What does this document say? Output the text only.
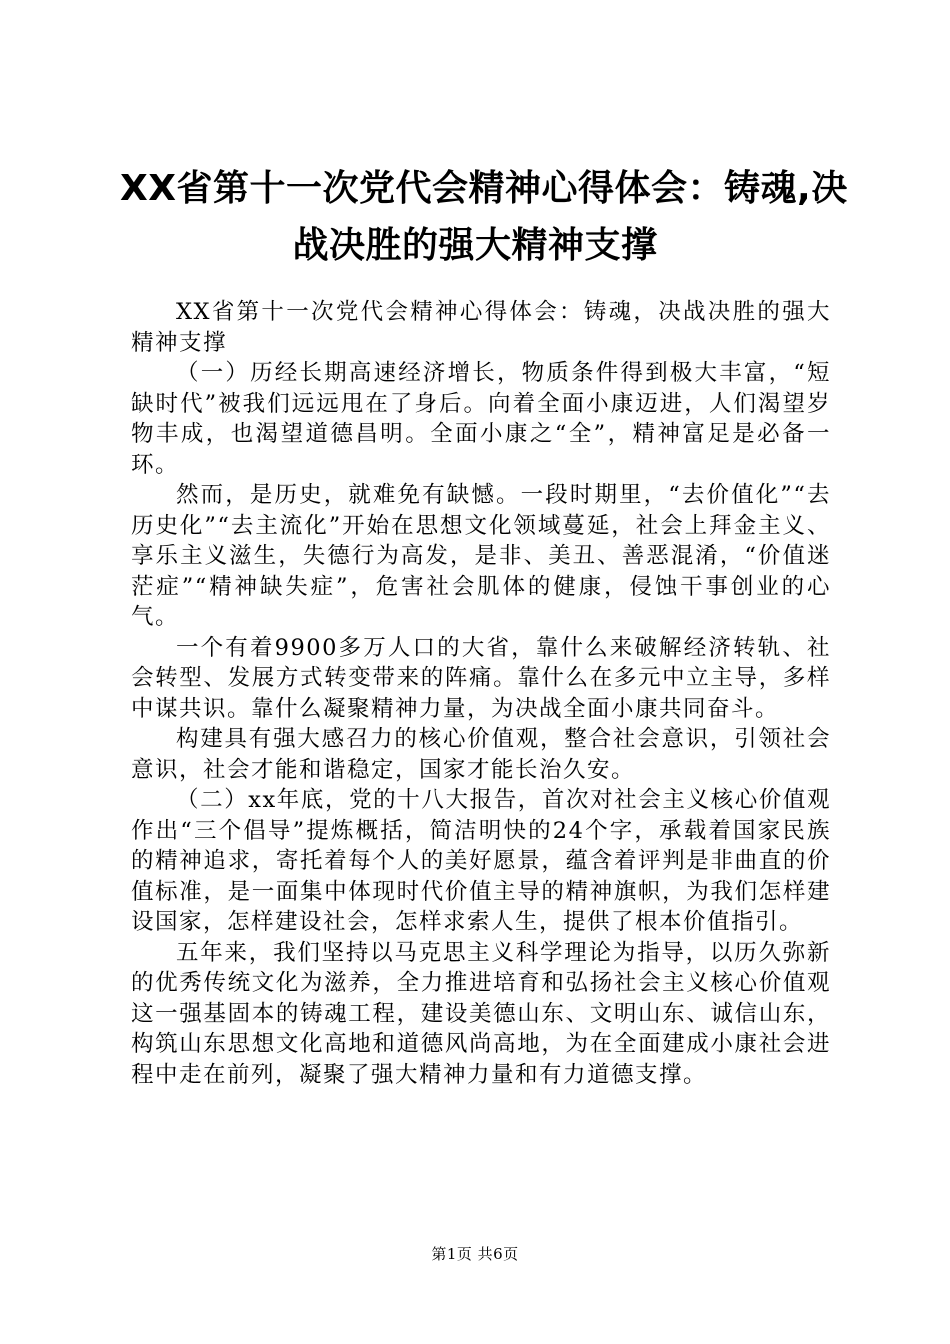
XX省第十一次党代会精神心得体会：铸魂,决
战决胜的强大精神支撑

XX省第十一次党代会精神心得体会：铸魂，决战决胜的强大精神支撑

（一）历经长期高速经济增长，物质条件得到极大丰富，“短缺时代”被我们远远甩在了身后。向着全面小康迈进，人们渴望岁物丰成，也渴望道德昌明。全面小康之“全”，精神富足是必备一环。

然而，是历史，就难免有缺憾。一段时期里，“去价值化”“去历史化”“去主流化”开始在思想文化领域蔓延，社会上拜金主义、享乐主义滋生，失德行为高发，是非、美丑、善恶混淆，“价值迷茫症”“精神缺失症”，危害社会肌体的健康，侵蚀干事创业的心气。

一个有着9900多万人口的大省，靠什么来破解经济转轨、社会转型、发展方式转变带来的阵痛。靠什么在多元中立主导，多样中谋共识。靠什么凝聚精神力量，为决战全面小康共同奋斗。

构建具有强大感召力的核心价值观，整合社会意识，引领社会意识，社会才能和谐稳定，国家才能长治久安。

（二）xx年底，党的十八大报告，首次对社会主义核心价值观作出“三个倡导”提炼概括，简洁明快的24个字，承载着国家民族的精神追求，寄托着每个人的美好愿景，蕴含着评判是非曲直的价值标准，是一面集中体现时代价值主导的精神旗帜，为我们怎样建设国家，怎样建设社会，怎样求索人生，提供了根本价值指引。

五年来，我们坚持以马克思主义科学理论为指导，以历久弥新的优秀传统文化为滋养，全力推进培育和弘扬社会主义核心价值观这一强基固本的铸魂工程，建设美德山东、文明山东、诚信山东，构筑山东思想文化高地和道德风尚高地，为在全面建成小康社会进程中走在前列，凝聚了强大精神力量和有力道德支撑。

第1页 共6页
